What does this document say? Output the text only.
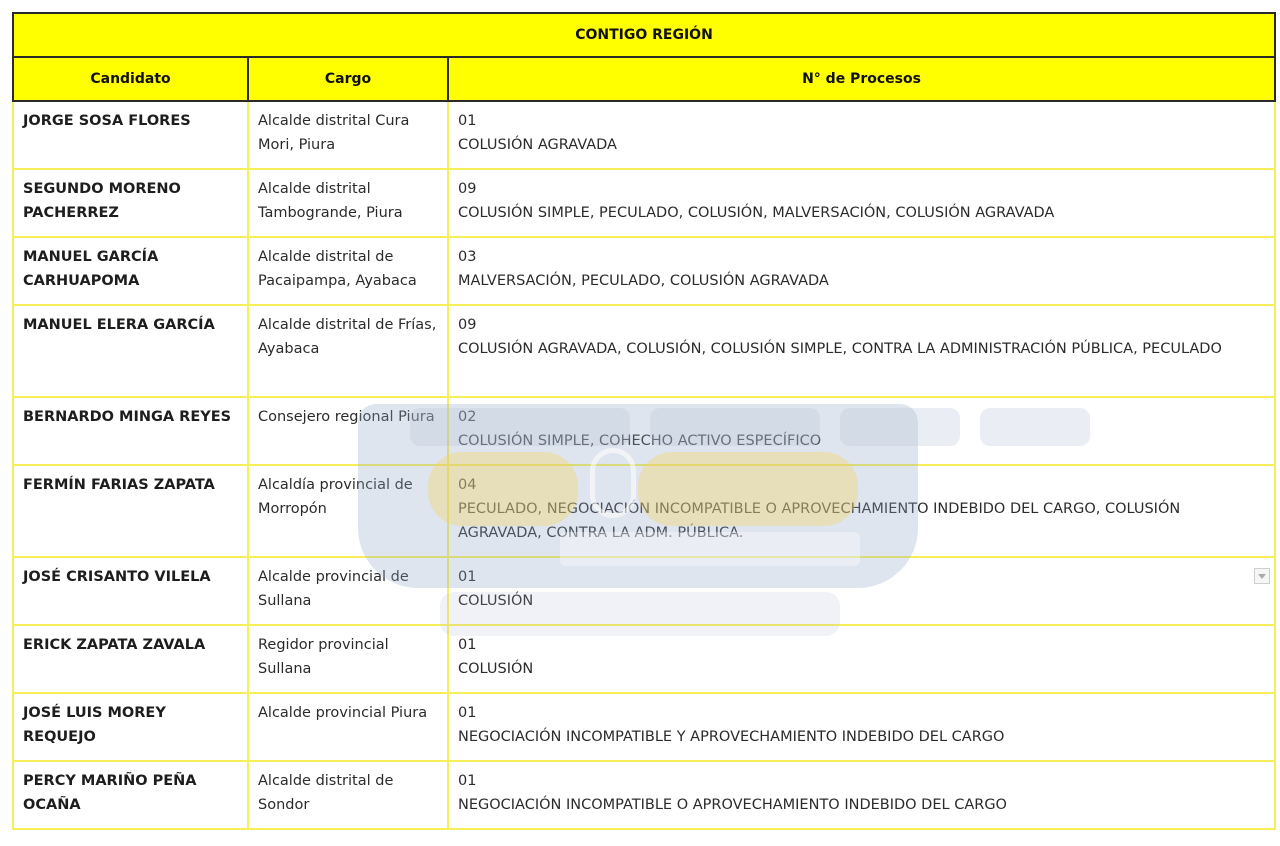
CONTIGO REGIÓN		
Candidato	Cargo	N° de Procesos
JORGE SOSA FLORES	Alcalde distrital Cura Mori, Piura	01
COLUSIÓN AGRAVADA

SEGUNDO MORENO PACHERREZ	Alcalde distrital Tambogrande, Piura	09
COLUSIÓN SIMPLE, PECULADO, COLUSIÓN, MALVERSACIÓN, COLUSIÓN AGRAVADA

MANUEL GARCÍA CARHUAPOMA	Alcalde distrital de Pacaipampa, Ayabaca	03
MALVERSACIÓN, PECULADO, COLUSIÓN AGRAVADA

MANUEL ELERA GARCÍA	Alcalde distrital de Frías, Ayabaca	09
COLUSIÓN AGRAVADA, COLUSIÓN, COLUSIÓN SIMPLE, CONTRA LA ADMINISTRACIÓN PÚBLICA, PECULADO

BERNARDO MINGA REYES	Consejero regional Piura	02
COLUSIÓN SIMPLE, COHECHO ACTIVO ESPECÍFICO

FERMÍN FARIAS ZAPATA	Alcaldía provincial de Morropón	04
PECULADO, NEGOCIACIÓN INCOMPATIBLE O APROVECHAMIENTO INDEBIDO DEL CARGO, COLUSIÓN AGRAVADA, CONTRA LA ADM. PÚBLICA.

JOSÉ CRISANTO VILELA	Alcalde provincial de Sullana	01
COLUSIÓN

ERICK ZAPATA ZAVALA	Regidor provincial Sullana	01
COLUSIÓN

JOSÉ LUIS MOREY REQUEJO	Alcalde provincial Piura	01
NEGOCIACIÓN INCOMPATIBLE Y APROVECHAMIENTO INDEBIDO DEL CARGO

PERCY MARIÑO PEÑA OCAÑA	Alcalde distrital de Sondor	01
NEGOCIACIÓN INCOMPATIBLE O APROVECHAMIENTO INDEBIDO DEL CARGO
